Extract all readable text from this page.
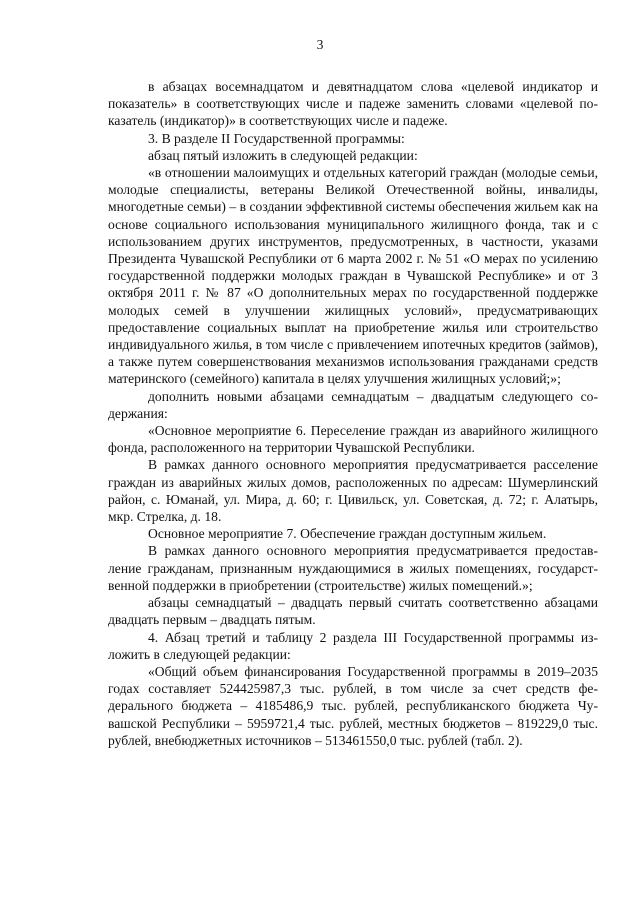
3

в абзацах восемнадцатом и девятнадцатом слова «целевой индикатор и показатель» в соответствующих числе и падеже заменить словами «целевой показатель (индикатор)» в соответствующих числе и падеже.

3. В разделе II Государственной программы:

абзац пятый изложить в следующей редакции:

«в отношении малоимущих и отдельных категорий граждан (молодые семьи, молодые специалисты, ветераны Великой Отечественной войны, инвалиды, многодетные семьи) – в создании эффективной системы обеспечения жильем как на основе социального использования муниципального жилищного фонда, так и с использованием других инструментов, предусмотренных, в частности, указами Президента Чувашской Республики от 6 марта 2002 г. № 51 «О мерах по усилению государственной поддержки молодых граждан в Чувашской Республике» и от 3 октября 2011 г. № 87 «О дополнительных мерах по государственной поддержке молодых семей в улучшении жилищных условий», предусматривающих предоставление социальных выплат на приобретение жилья или строительство индивидуального жилья, в том числе с привлечением ипотечных кредитов (займов), а также путем совершенствования механизмов использования гражданами средств материнского (семейного) капитала в целях улучшения жилищных условий;»;

дополнить новыми абзацами семнадцатым – двадцатым следующего содержания:

«Основное мероприятие 6. Переселение граждан из аварийного жилищного фонда, расположенного на территории Чувашской Республики.

В рамках данного основного мероприятия предусматривается расселение граждан из аварийных жилых домов, расположенных по адресам: Шумерлинский район, с. Юманай, ул. Мира, д. 60; г. Цивильск, ул. Советская, д. 72; г. Алатырь, мкр. Стрелка, д. 18.

Основное мероприятие 7. Обеспечение граждан доступным жильем.

В рамках данного основного мероприятия предусматривается предоставление гражданам, признанным нуждающимися в жилых помещениях, государственной поддержки в приобретении (строительстве) жилых помещений.»;

абзацы семнадцатый – двадцать первый считать соответственно абзацами двадцать первым – двадцать пятым.

4. Абзац третий и таблицу 2 раздела III Государственной программы изложить в следующей редакции:

«Общий объем финансирования Государственной программы в 2019–2035 годах составляет 524425987,3 тыс. рублей, в том числе за счет средств федерального бюджета – 4185486,9 тыс. рублей, республиканского бюджета Чувашской Республики – 5959721,4 тыс. рублей, местных бюджетов – 819229,0 тыс. рублей, внебюджетных источников – 513461550,0 тыс. рублей (табл. 2).
